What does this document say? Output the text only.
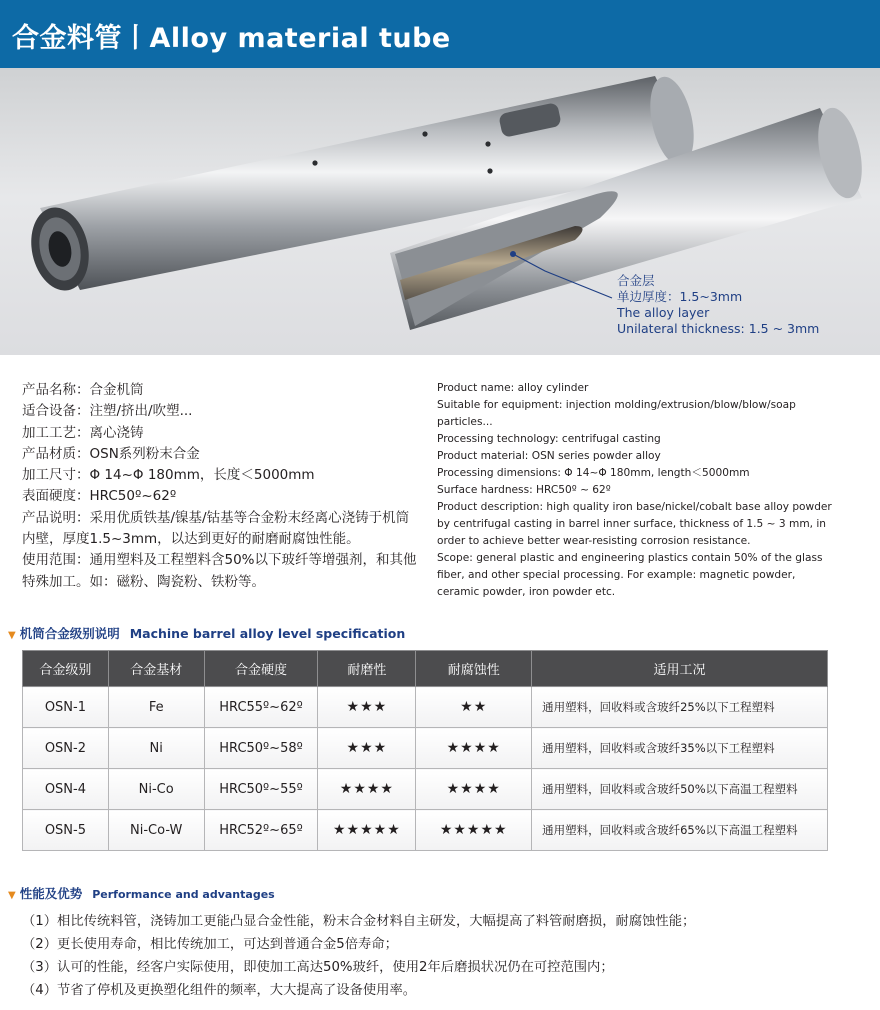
合金料管丨Alloy material tube
合金层
单边厚度：1.5~3mm
The alloy layer
Unilateral thickness: 1.5 ~ 3mm
产品名称：合金机筒
适合设备：注塑/挤出/吹塑...
加工工艺：离心浇铸
产品材质：OSN系列粉末合金
加工尺寸：Φ 14~Φ 180mm，长度＜5000mm
表面硬度：HRC50º~62º
产品说明：采用优质铁基/镍基/钴基等合金粉末经离心浇铸于机筒内壁，厚度1.5~3mm，以达到更好的耐磨耐腐蚀性能。
使用范围：通用塑料及工程塑料含50%以下玻纤等增强剂，和其他特殊加工。如：磁粉、陶瓷粉、铁粉等。
Product name: alloy cylinder
Suitable for equipment: injection molding/extrusion/blow/blow/soap particles...
Processing technology: centrifugal casting
Product material: OSN series powder alloy
Processing dimensions: Φ 14~Φ 180mm, length＜5000mm
Surface hardness: HRC50º ~ 62º
Product description: high quality iron base/nickel/cobalt base alloy powder by centrifugal casting in barrel inner surface, thickness of 1.5 ~ 3 mm, in order to achieve better wear-resisting corrosion resistance.
Scope: general plastic and engineering plastics contain 50% of the glass fiber, and other special processing. For example: magnetic powder, ceramic powder, iron powder etc.
▼ 机筒合金级别说明 Machine barrel alloy level specification
合金级别	合金基材	合金硬度	耐磨性	耐腐蚀性	适用工况
OSN-1	Fe	HRC55º~62º	★★★	★★	通用塑料，回收料或含玻纤25%以下工程塑料
OSN-2	Ni	HRC50º~58º	★★★	★★★★	通用塑料，回收料或含玻纤35%以下工程塑料
OSN-4	Ni-Co	HRC50º~55º	★★★★	★★★★	通用塑料，回收料或含玻纤50%以下高温工程塑料
OSN-5	Ni-Co-W	HRC52º~65º	★★★★★	★★★★★	通用塑料，回收料或含玻纤65%以下高温工程塑料
▼ 性能及优势 Performance and advantages
（1）相比传统料管，浇铸加工更能凸显合金性能，粉末合金材料自主研发，大幅提高了料管耐磨损，耐腐蚀性能；
（2）更长使用寿命，相比传统加工，可达到普通合金5倍寿命；
（3）认可的性能，经客户实际使用，即使加工高达50%玻纤，使用2年后磨损状况仍在可控范围内；
（4）节省了停机及更换塑化组件的频率，大大提高了设备使用率。
